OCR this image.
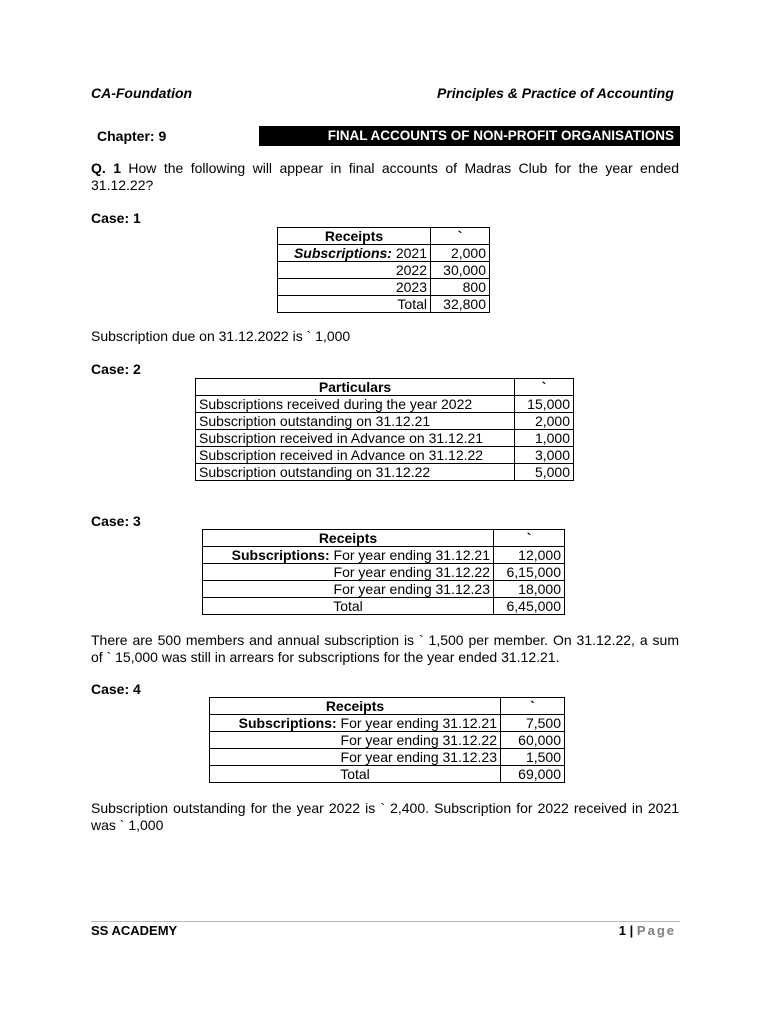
CA-Foundation	Principles & Practice of Accounting
Chapter: 9	FINAL ACCOUNTS OF NON-PROFIT ORGANISATIONS

Q. 1 How the following will appear in final accounts of Madras Club for the year ended 31.12.22?

Case: 1
Receipts	`
Subscriptions: 2021	2,000
2022	30,000
2023	800
Total	32,800

Subscription due on 31.12.2022 is ` 1,000

Case: 2
Particulars	`
Subscriptions received during the year 2022	15,000
Subscription outstanding on 31.12.21	2,000
Subscription received in Advance on 31.12.21	1,000
Subscription received in Advance on 31.12.22	3,000
Subscription outstanding on 31.12.22	5,000
Case: 3
Receipts	`
Subscriptions: For year ending 31.12.21	12,000
For year ending 31.12.22	6,15,000
For year ending 31.12.23	18,000
Total	6,45,000

There are 500 members and annual subscription is ` 1,500 per member. On 31.12.22, a sum of ` 15,000 was still in arrears for subscriptions for the year ended 31.12.21.

Case: 4
Receipts	`
Subscriptions: For year ending 31.12.21	7,500
For year ending 31.12.22	60,000
For year ending 31.12.23	1,500
Total	69,000

Subscription outstanding for the year 2022 is ` 2,400. Subscription for 2022 received in 2021 was ` 1,000

SS ACADEMY	1 | Page
